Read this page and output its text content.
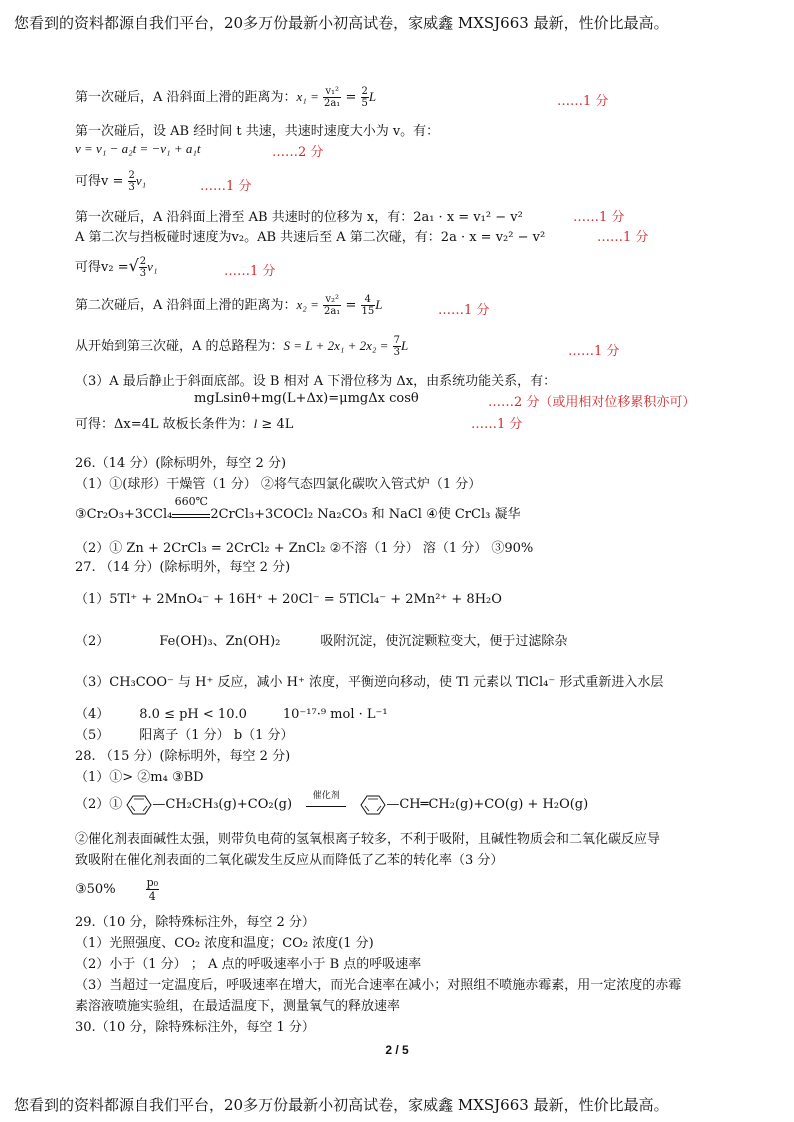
您看到的资料都源自我们平台，20多万份最新小初高试卷，家威鑫 MXSJ663 最新，性价比最高。
第一次碰后，A 沿斜面上滑的距离为：$x_1 = \frac{\text{v₁²}}{\text{2a₁}} = \frac{2}{5}$ L	……1 分
第一次碰后，设 AB 经时间 t 共速，共速时速度大小为 v。有：
v = v₁ − a₂t = −v₁ + a₁t	……2 分
可得$v = \frac{2}{3} v_1$	……1 分
第一次碰后，A 沿斜面上滑至 AB 共速时的位移为 x，有：2a₁ · x = v₁² − v²	……1 分
A 第二次与挡板碰时速度为v₂。AB 共速后至 A 第二次碰，有：2a · x = v₂² − v²	……1 分
可得v₂ =√ $\frac{2}{3} v_1$	……1 分
第二次碰后，A 沿斜面上滑的距离为：$x_2 = \frac{\text{v₂²}}{\text{2a₁}} = \frac{4}{15}$ L	……1 分
从开始到第三次碰，A 的总路程为：$S = L + 2x_1 + 2x_2 = \frac{7}{3}$ L	……1 分
（3）A 最后静止于斜面底部。设 B 相对 A 下滑位移为 Δx，由系统功能关系，有：
mgLsinθ+mg(L+Δx)=μmgΔx cosθ	……2 分（或用相对位移累积亦可）
可得：Δx=4L 故板长条件为：l ≥ 4L	……1 分
26.（14 分）(除标明外，每空 2 分)
（1）①(球形）干燥管（1 分） ②将气态四氯化碳吹入管式炉（1 分）
③Cr₂O₃+3CCl₄
660℃
2CrCl₃+3COCl₂ Na₂CO₃ 和 NaCl ④使 CrCl₃ 凝华
（2）① Zn + 2CrCl₃ = 2CrCl₂ + ZnCl₂ ②不溶（1 分） 溶（1 分） ③90%
27. （14 分）(除标明外，每空 2 分)
（1）5Tl⁺ + 2MnO₄⁻ + 16H⁺ + 20Cl⁻ = 5TlCl₄⁻ + 2Mn²⁺ + 8H₂O
（2）	Fe(OH)₃、Zn(OH)₂	吸附沉淀，使沉淀颗粒变大，便于过滤除杂
（3）CH₃COO⁻ 与 H⁺ 反应，减小 H⁺ 浓度，平衡逆向移动，使 Tl 元素以 TlCl₄⁻ 形式重新进入水层
（4） 8.0 ≤ pH < 10.0	10⁻¹⁷·⁹ mol · L⁻¹
（5） 阳离子（1 分） b（1 分）
28. （15 分）(除标明外，每空 2 分)
（1）①> ②m₄ ③BD
（2）① —CH₂CH₃(g)+CO₂(g)
催化剂
—CH═CH₂(g)+CO(g) + H₂O(g)
②催化剂表面碱性太强，则带负电荷的氢氧根离子较多，不利于吸附，且碱性物质会和二氧化碳反应导
致吸附在催化剂表面的二氧化碳发生反应从而降低了乙苯的转化率（3 分）
③50%	$\frac{\text{p₀}}{4}$
29.（10 分，除特殊标注外，每空 2 分）
（1）光照强度、CO₂ 浓度和温度；CO₂ 浓度(1 分)
（2）小于（1 分） ； A 点的呼吸速率小于 B 点的呼吸速率
（3）当超过一定温度后，呼吸速率在增大，而光合速率在减小；对照组不喷施赤霉素，用一定浓度的赤霉
素溶液喷施实验组，在最适温度下，测量氧气的释放速率
30.（10 分，除特殊标注外，每空 1 分）
2 / 5
您看到的资料都源自我们平台，20多万份最新小初高试卷，家威鑫 MXSJ663 最新，性价比最高。
